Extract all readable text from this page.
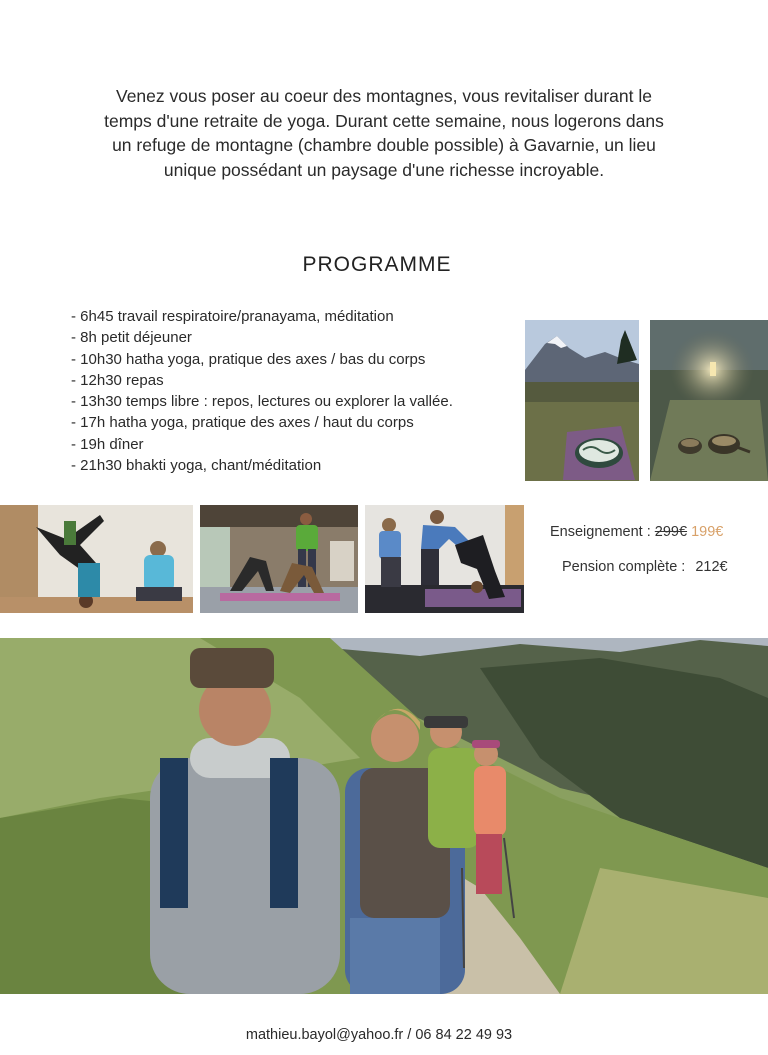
Venez vous poser au coeur des montagnes, vous revitaliser durant le

temps d'une retraite de yoga. Durant cette semaine, nous logerons dans

un refuge de montagne (chambre double possible) à Gavarnie, un lieu

unique possédant un paysage d'une richesse incroyable.

PROGRAMME
- 6h45 travail respiratoire/pranayama, méditation
- 8h petit déjeuner
- 10h30 hatha yoga, pratique des axes / bas du corps
- 12h30 repas
- 13h30 temps libre : repos, lectures ou explorer la vallée.
- 17h hatha yoga, pratique des axes / haut du corps
- 19h dîner
- 21h30 bhakti yoga, chant/méditation
Enseignement : 299€ 199€
Pension complète : 212€
mathieu.bayol@yahoo.fr / 06 84 22 49 93
